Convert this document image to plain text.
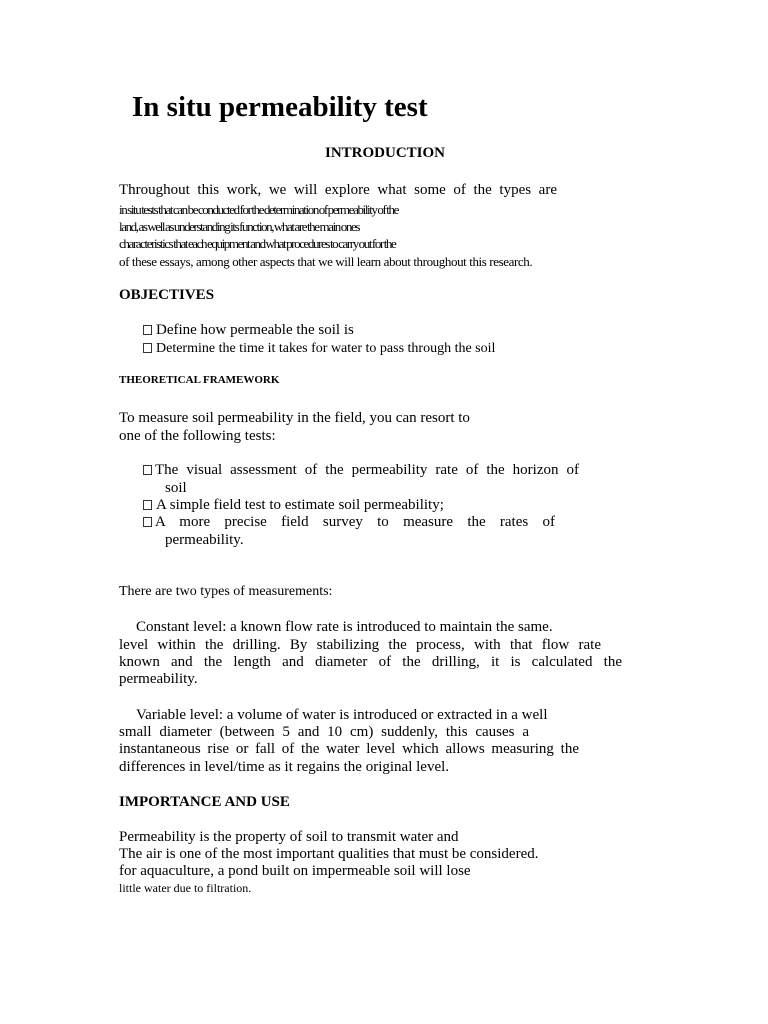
In situ permeability test
INTRODUCTION
Throughout this work, we will explore what some of the types are
in situ tests that can be conducted for the determination of permeability of the
land, as well as understanding its function, what are the main ones
characteristics that each equipment and what procedures to carry out for the
of these essays, among other aspects that we will learn about throughout this research.
OBJECTIVES
Define how permeable the soil is
Determine the time it takes for water to pass through the soil
THEORETICAL FRAMEWORK
To measure soil permeability in the field, you can resort to
one of the following tests:
The visual assessment of the permeability rate of the horizon of
soil
A simple field test to estimate soil permeability;
A more precise field survey to measure the rates of
permeability.
There are two types of measurements:
Constant level: a known flow rate is introduced to maintain the same.
level within the drilling. By stabilizing the process, with that flow rate
known and the length and diameter of the drilling, it is calculated the
permeability.
Variable level: a volume of water is introduced or extracted in a well
small diameter (between 5 and 10 cm) suddenly, this causes a
instantaneous rise or fall of the water level which allows measuring the
differences in level/time as it regains the original level.
IMPORTANCE AND USE
Permeability is the property of soil to transmit water and
The air is one of the most important qualities that must be considered.
for aquaculture, a pond built on impermeable soil will lose
little water due to filtration.
